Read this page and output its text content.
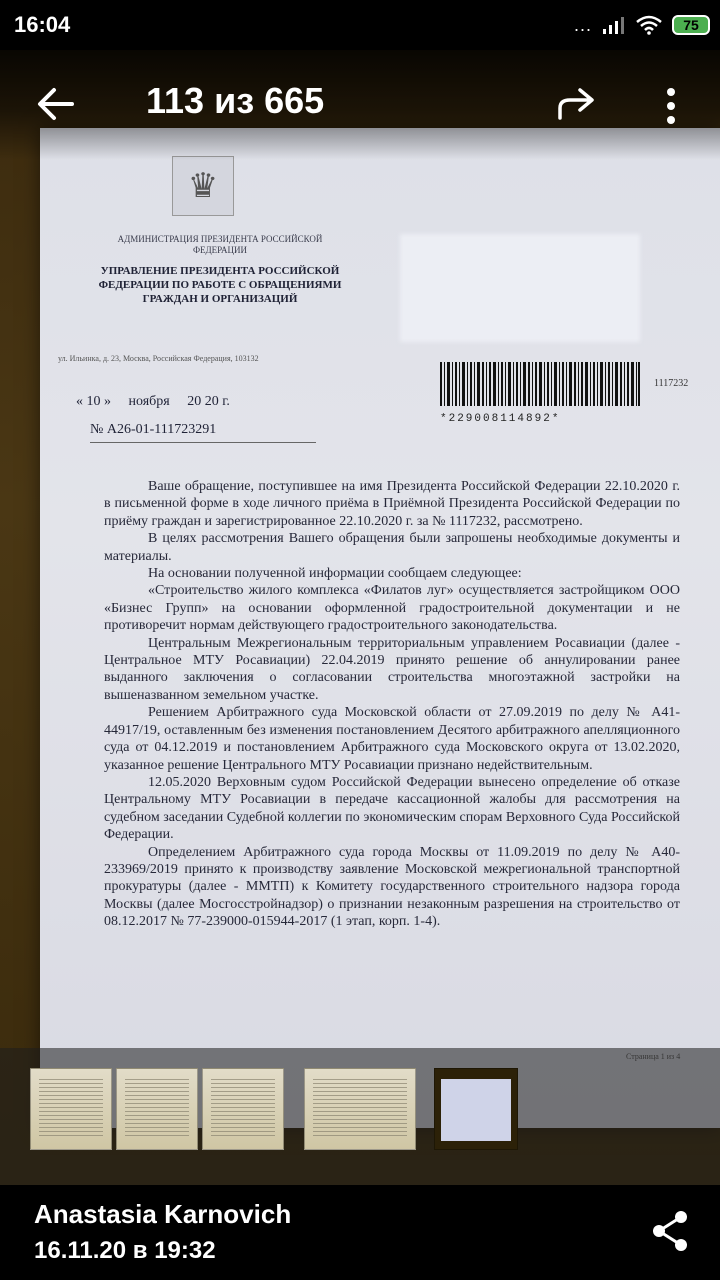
16:04	...	75
♛
АДМИНИСТРАЦИЯ ПРЕЗИДЕНТА РОССИЙСКОЙ ФЕДЕРАЦИИ
УПРАВЛЕНИЕ ПРЕЗИДЕНТА РОССИЙСКОЙ ФЕДЕРАЦИИ ПО РАБОТЕ С ОБРАЩЕНИЯМИ ГРАЖДАН И ОРГАНИЗАЦИЙ
ул. Ильинка, д. 23, Москва, Российская Федерация, 103132
« 10 » ноября 20 20 г.
№ А26-01-111723291
*229008114892*
1117232

Ваше обращение, поступившее на имя Президента Российской Федерации 22.10.2020 г. в письменной форме в ходе личного приёма в Приёмной Президента Российской Федерации по приёму граждан и зарегистрированное 22.10.2020 г. за № 1117232, рассмотрено.

В целях рассмотрения Вашего обращения были запрошены необходимые документы и материалы.

На основании полученной информации сообщаем следующее:

«Строительство жилого комплекса «Филатов луг» осуществляется застройщиком ООО «Бизнес Групп» на основании оформленной градостроительной документации и не противоречит нормам действующего градостроительного законодательства.

Центральным Межрегиональным территориальным управлением Росавиации (далее - Центральное МТУ Росавиации) 22.04.2019 принято решение об аннулировании ранее выданного заключения о согласовании строительства многоэтажной застройки на вышеназванном земельном участке.

Решением Арбитражного суда Московской области от 27.09.2019 по делу № А41-44917/19, оставленным без изменения постановлением Десятого арбитражного апелляционного суда от 04.12.2019 и постановлением Арбитражного суда Московского округа от 13.02.2020, указанное решение Центрального МТУ Росавиации признано недействительным.

12.05.2020 Верховным судом Российской Федерации вынесено определение об отказе Центральному МТУ Росавиации в передаче кассационной жалобы для рассмотрения на судебном заседании Судебной коллегии по экономическим спорам Верховного Суда Российской Федерации.

Определением Арбитражного суда города Москвы от 11.09.2019 по делу № А40-233969/2019 принято к производству заявление Московской межрегиональной транспортной прокуратуры (далее - ММТП) к Комитету государственного строительного надзора города Москвы (далее Мосгосстройнадзор) о признании незаконным разрешения на строительство от 08.12.2017 № 77-239000-015944-2017 (1 этап, корп. 1-4).

113 из 665
Anastasia Karnovich
16.11.20 в 19:32
